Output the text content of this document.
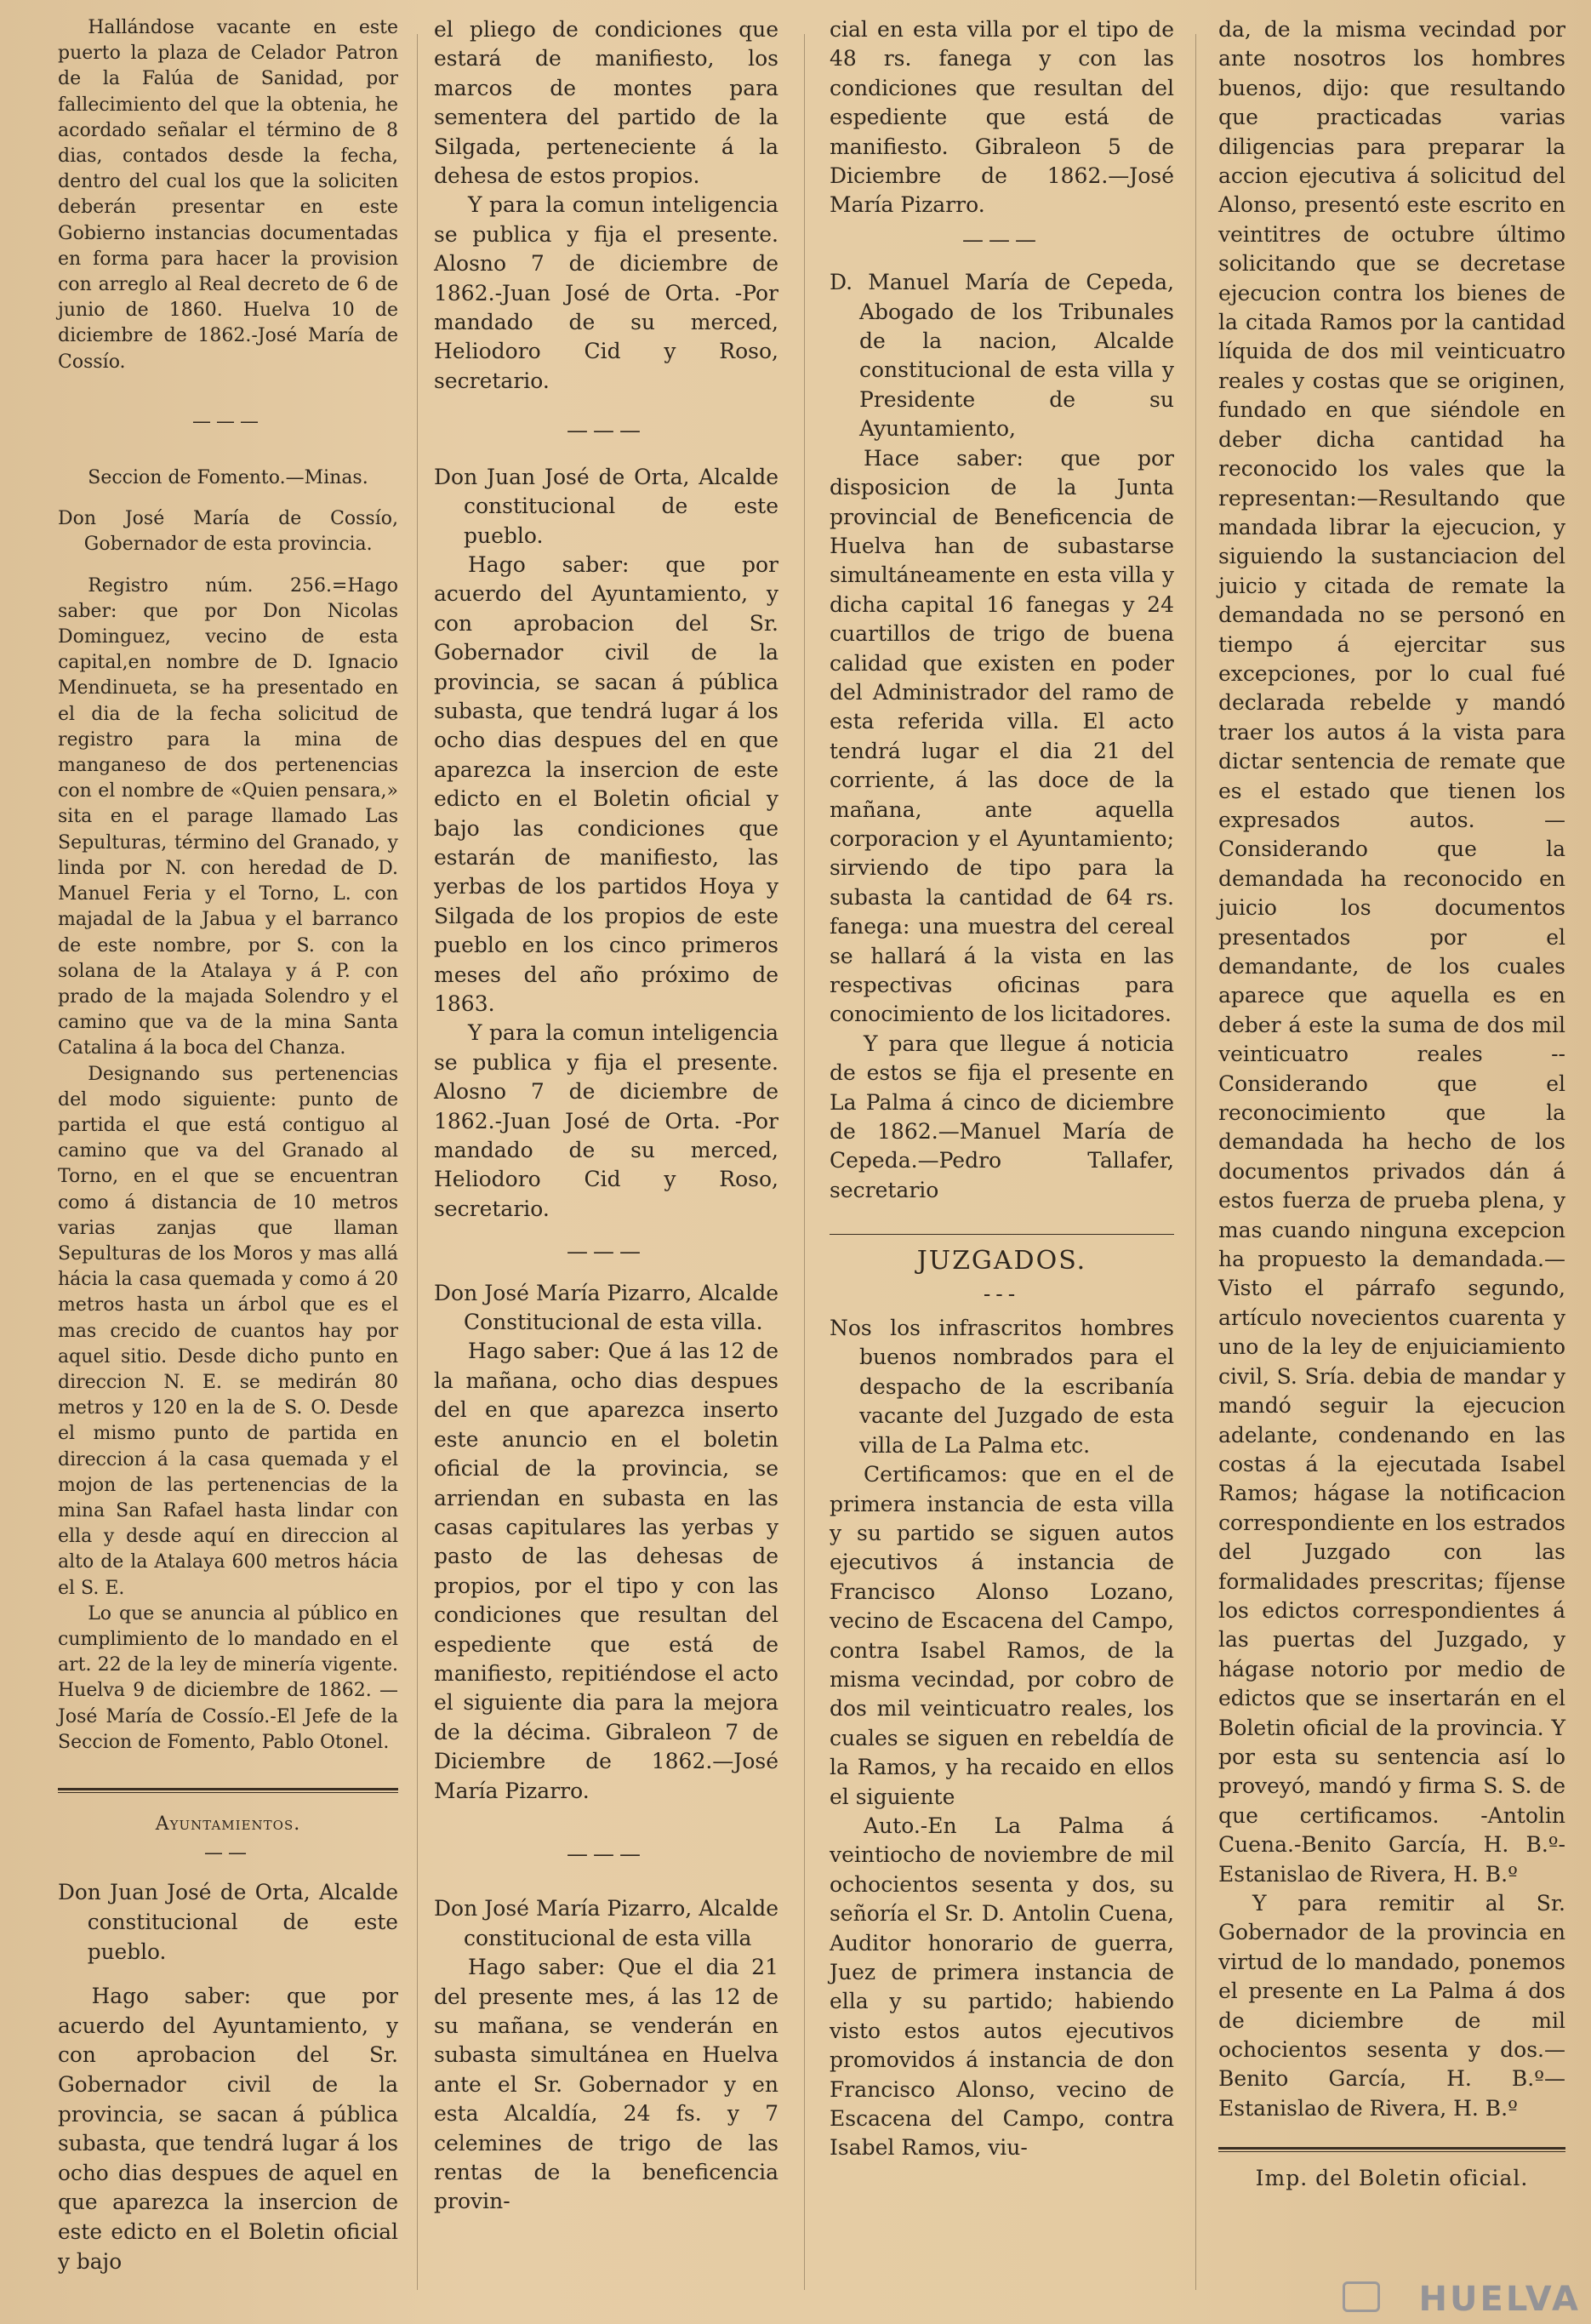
Hallándose vacante en este puerto la plaza de Celador Patron de la Falúa de Sanidad, por fallecimiento del que la obtenia, he acordado señalar el término de 8 dias, contados desde la fecha, dentro del cual los que la soliciten deberán presentar en este Gobierno instancias documentadas en forma para hacer la provision con arreglo al Real decreto de 6 de junio de 1860. Huelva 10 de diciembre de 1862.-José María de Cossío.

———

Seccion de Fomento.—Minas.

Don José María de Cossío, Gobernador de esta provincia.

Registro núm. 256.=Hago saber: que por Don Nicolas Dominguez, vecino de esta capital,en nombre de D. Ignacio Mendinueta, se ha presentado en el dia de la fecha solicitud de registro para la mina de manganeso de dos pertenencias con el nombre de «Quien pensara,» sita en el parage llamado Las Sepulturas, término del Granado, y linda por N. con heredad de D. Manuel Feria y el Torno, L. con majadal de la Jabua y el barranco de este nombre, por S. con la solana de la Atalaya y á P. con prado de la majada Solendro y el camino que va de la mina Santa Catalina á la boca del Chanza.

Designando sus pertenencias del modo siguiente: punto de partida el que está contiguo al camino que va del Granado al Torno, en el que se encuentran como á distancia de 10 metros varias zanjas que llaman Sepulturas de los Moros y mas allá hácia la casa quemada y como á 20 metros hasta un árbol que es el mas crecido de cuantos hay por aquel sitio. Desde dicho punto en direccion N. E. se medirán 80 metros y 120 en la de S. O. Desde el mismo punto de partida en direccion á la casa quemada y el mojon de las pertenencias de la mina San Rafael hasta lindar con ella y desde aquí en direccion al alto de la Atalaya 600 metros hácia el S. E.

Lo que se anuncia al público en cumplimiento de lo mandado en el art. 22 de la ley de minería vigente. Huelva 9 de diciembre de 1862. —José María de Cossío.-El Jefe de la Seccion de Fomento, Pablo Otonel.

Ayuntamientos.

——

Don Juan José de Orta, Alcalde constitucional de este pueblo.

Hago saber: que por acuerdo del Ayuntamiento, y con aprobacion del Sr. Gobernador civil de la provincia, se sacan á pública subasta, que tendrá lugar á los ocho dias despues de aquel en que aparezca la insercion de este edicto en el Boletin oficial y bajo

el pliego de condiciones que estará de manifiesto, los marcos de montes para sementera del partido de la Silgada, perteneciente á la dehesa de estos propios.

Y para la comun inteligencia se publica y fija el presente. Alosno 7 de diciembre de 1862.-Juan José de Orta. -Por mandado de su merced, Heliodoro Cid y Roso, secretario.

———

Don Juan José de Orta, Alcalde constitucional de este pueblo.

Hago saber: que por acuerdo del Ayuntamiento, y con aprobacion del Sr. Gobernador civil de la provincia, se sacan á pública subasta, que tendrá lugar á los ocho dias despues del en que aparezca la insercion de este edicto en el Boletin oficial y bajo las condiciones que estarán de manifiesto, las yerbas de los partidos Hoya y Silgada de los propios de este pueblo en los cinco primeros meses del año próximo de 1863.

Y para la comun inteligencia se publica y fija el presente. Alosno 7 de diciembre de 1862.-Juan José de Orta. -Por mandado de su merced, Heliodoro Cid y Roso, secretario.

———

Don José María Pizarro, Alcalde Constitucional de esta villa.

Hago saber: Que á las 12 de la mañana, ocho dias despues del en que aparezca inserto este anuncio en el boletin oficial de la provincia, se arriendan en subasta en las casas capitulares las yerbas y pasto de las dehesas de propios, por el tipo y con las condiciones que resultan del espediente que está de manifiesto, repitiéndose el acto el siguiente dia para la mejora de la décima. Gibraleon 7 de Diciembre de 1862.—José María Pizarro.

———

Don José María Pizarro, Alcalde constitucional de esta villa

Hago saber: Que el dia 21 del presente mes, á las 12 de su mañana, se venderán en subasta simultánea en Huelva ante el Sr. Gobernador y en esta Alcaldía, 24 fs. y 7 celemines de trigo de las rentas de la beneficencia provin-

cial en esta villa por el tipo de 48 rs. fanega y con las condiciones que resultan del espediente que está de manifiesto. Gibraleon 5 de Diciembre de 1862.—José María Pizarro.

———

D. Manuel María de Cepeda, Abogado de los Tribunales de la nacion, Alcalde constitucional de esta villa y Presidente de su Ayuntamiento,

Hace saber: que por disposicion de la Junta provincial de Beneficencia de Huelva han de subastarse simultáneamente en esta villa y dicha capital 16 fanegas y 24 cuartillos de trigo de buena calidad que existen en poder del Administrador del ramo de esta referida villa. El acto tendrá lugar el dia 21 del corriente, á las doce de la mañana, ante aquella corporacion y el Ayuntamiento; sirviendo de tipo para la subasta la cantidad de 64 rs. fanega: una muestra del cereal se hallará á la vista en las respectivas oficinas para conocimiento de los licitadores.

Y para que llegue á noticia de estos se fija el presente en La Palma á cinco de diciembre de 1862.—Manuel María de Cepeda.—Pedro Tallafer, secretario

JUZGADOS.

---

Nos los infrascritos hombres buenos nombrados para el despacho de la escribanía vacante del Juzgado de esta villa de La Palma etc.

Certificamos: que en el de primera instancia de esta villa y su partido se siguen autos ejecutivos á instancia de Francisco Alonso Lozano, vecino de Escacena del Campo, contra Isabel Ramos, de la misma vecindad, por cobro de dos mil veinticuatro reales, los cuales se siguen en rebeldía de la Ramos, y ha recaido en ellos el siguiente

Auto.-En La Palma á veintiocho de noviembre de mil ochocientos sesenta y dos, su señoría el Sr. D. Antolin Cuena, Auditor honorario de guerra, Juez de primera instancia de ella y su partido; habiendo visto estos autos ejecutivos promovidos á instancia de don Francisco Alonso, vecino de Escacena del Campo, contra Isabel Ramos, viu-

da, de la misma vecindad por ante nosotros los hombres buenos, dijo: que resultando que practicadas varias diligencias para preparar la accion ejecutiva á solicitud del Alonso, presentó este escrito en veintitres de octubre último solicitando que se decretase ejecucion contra los bienes de la citada Ramos por la cantidad líquida de dos mil veinticuatro reales y costas que se originen, fundado en que siéndole en deber dicha cantidad ha reconocido los vales que la representan:—Resultando que mandada librar la ejecucion, y siguiendo la sustanciacion del juicio y citada de remate la demandada no se personó en tiempo á ejercitar sus excepciones, por lo cual fué declarada rebelde y mandó traer los autos á la vista para dictar sentencia de remate que es el estado que tienen los expresados autos. —Considerando que la demandada ha reconocido en juicio los documentos presentados por el demandante, de los cuales aparece que aquella es en deber á este la suma de dos mil veinticuatro reales -- Considerando que el reconocimiento que la demandada ha hecho de los documentos privados dán á estos fuerza de prueba plena, y mas cuando ninguna excepcion ha propuesto la demandada.—Visto el párrafo segundo, artículo novecientos cuarenta y uno de la ley de enjuiciamiento civil, S. Sría. debia de mandar y mandó seguir la ejecucion adelante, condenando en las costas á la ejecutada Isabel Ramos; hágase la notificacion correspondiente en los estrados del Juzgado con las formalidades prescritas; fíjense los edictos correspondientes á las puertas del Juzgado, y hágase notorio por medio de edictos que se insertarán en el Boletin oficial de la provincia. Y por esta su sentencia así lo proveyó, mandó y firma S. S. de que certificamos. -Antolin Cuena.-Benito García, H. B.º-Estanislao de Rivera, H. B.º

Y para remitir al Sr. Gobernador de la provincia en virtud de lo mandado, ponemos el presente en La Palma á dos de diciembre de mil ochocientos sesenta y dos.— Benito García, H. B.º—Estanislao de Rivera, H. B.º

Imp. del Boletin oficial.

HUELVA
